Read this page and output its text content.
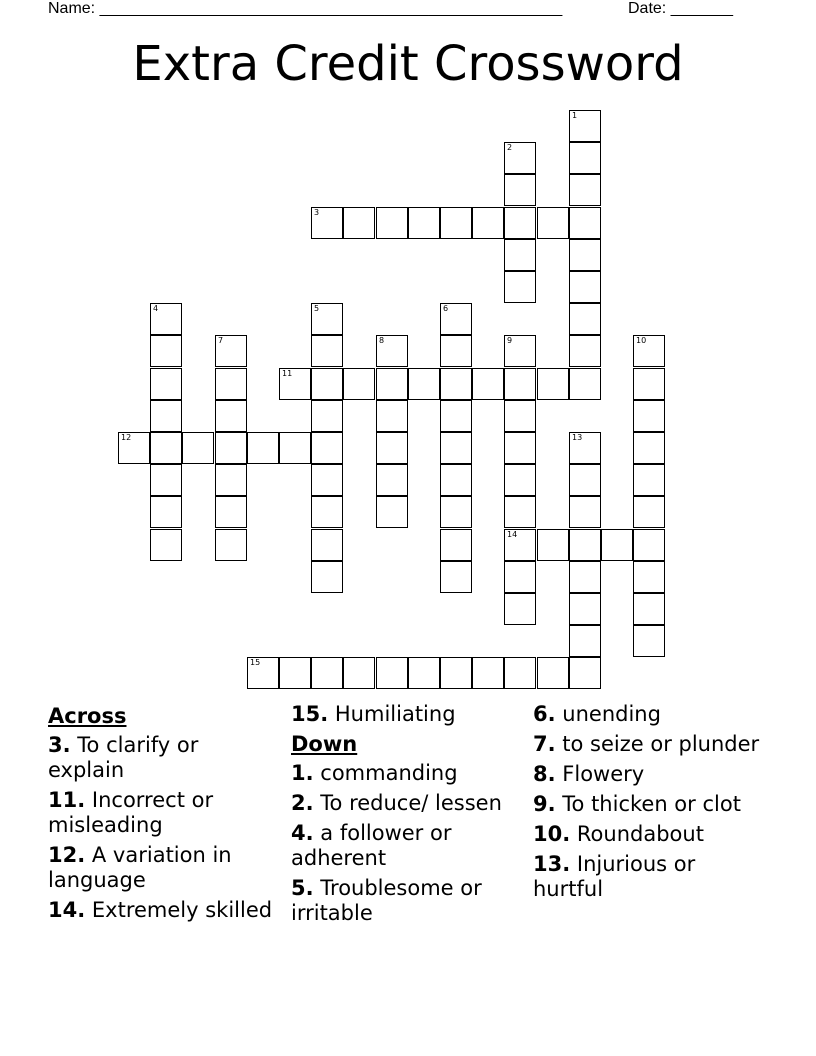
Name: ____________________________________________________	Date: _______
Extra Credit Crossword
1
2
3
4	5	6
7	8	9
14
10
11
12	13
15
Across
3. To clarify or explain
11. Incorrect or misleading
12. A variation in language
14. Extremely skilled
15. Humiliating
Down
1. commanding
2. To reduce/ lessen
4. a follower or adherent
5. Troublesome or irritable
6. unending
7. to seize or plunder
8. Flowery
9. To thicken or clot
10. Roundabout
13. Injurious or hurtful
